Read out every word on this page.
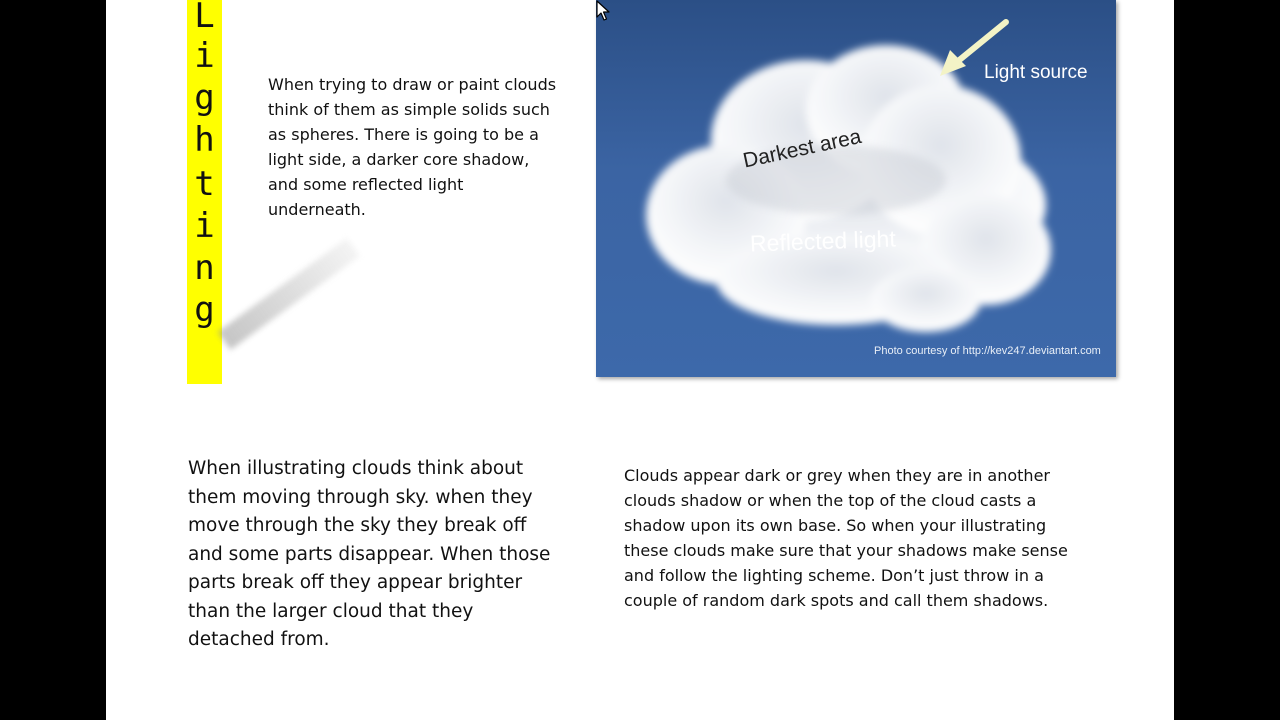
L
i
g
h
t
i
n
g
When trying to draw or paint clouds think of them as simple solids such as spheres. There is going to be a light side, a darker core shadow, and some reflected light underneath.
Light source
Darkest area
Reflected light
Photo courtesy of http://kev247.deviantart.com
When illustrating clouds think about them moving through sky. when they move through the sky they break off and some parts disappear. When those parts break off they appear brighter than the larger cloud that they detached from.
Clouds appear dark or grey when they are in another clouds shadow or when the top of the cloud casts a shadow upon its own base. So when your illustrating these clouds make sure that your shadows make sense and follow the lighting scheme. Don’t just throw in a couple of random dark spots and call them shadows.
